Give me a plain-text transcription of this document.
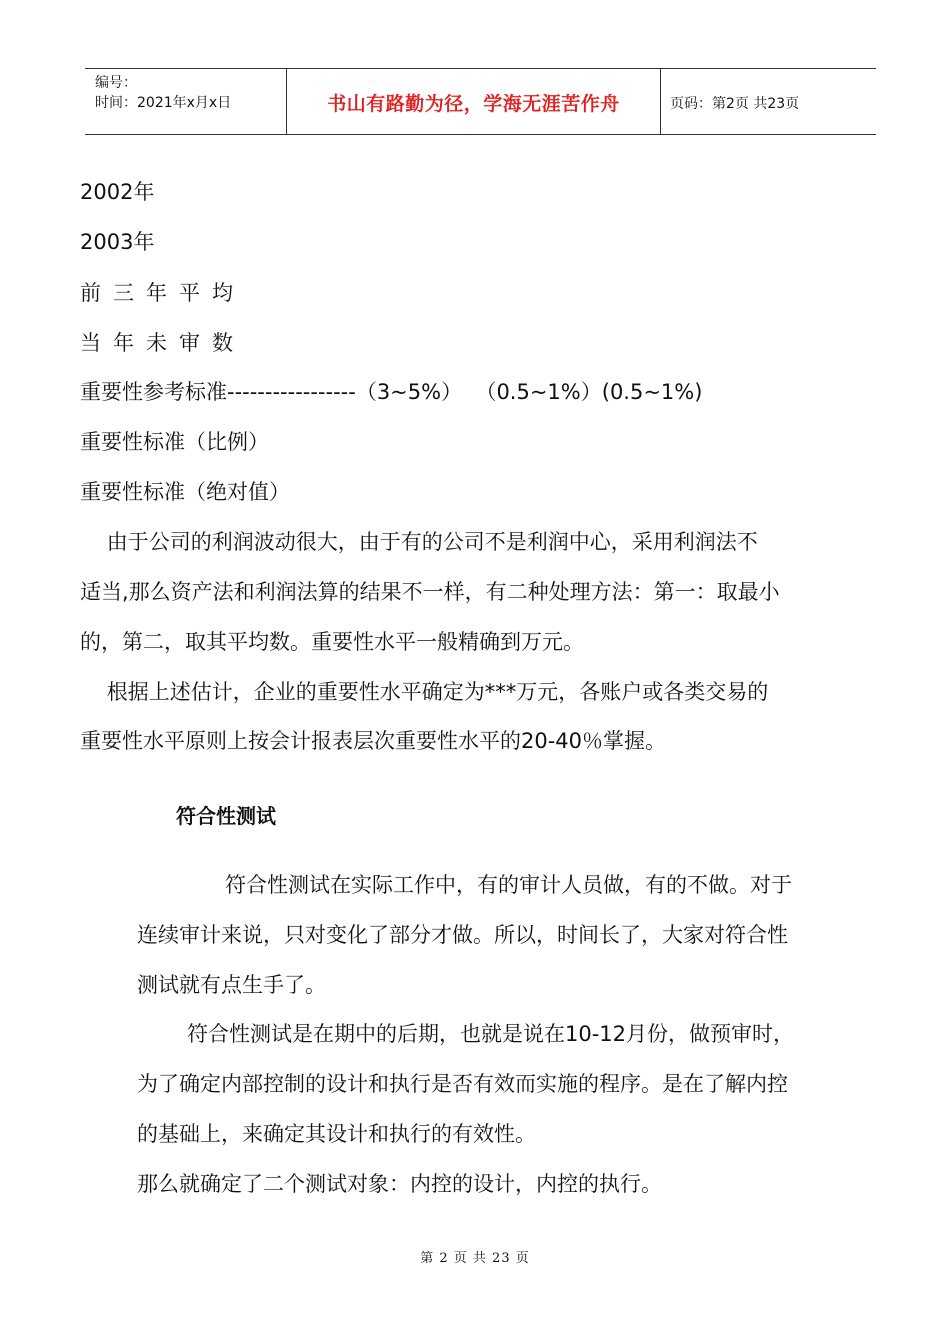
编号：
时间：2021年x月x日	书山有路勤为径，学海无涯苦作舟	页码：第2页 共23页
2002年
2003年
前三年平均
当年未审数
重要性参考标准-----------------（3~5%）  （0.5~1%）(0.5~1%)
重要性标准（比例）
重要性标准（绝对值）
由于公司的利润波动很大，由于有的公司不是利润中心，采用利润法不
适当,那么资产法和利润法算的结果不一样，有二种处理方法：第一：取最小
的，第二，取其平均数。重要性水平一般精确到万元。
根据上述估计，企业的重要性水平确定为***万元，各账户或各类交易的
重要性水平原则上按会计报表层次重要性水平的20-40％掌握。
符合性测试
符合性测试在实际工作中，有的审计人员做，有的不做。对于
连续审计来说，只对变化了部分才做。所以，时间长了，大家对符合性
测试就有点生手了。
符合性测试是在期中的后期，也就是说在10-12月份，做预审时，
为了确定内部控制的设计和执行是否有效而实施的程序。是在了解内控
的基础上，来确定其设计和执行的有效性。
那么就确定了二个测试对象：内控的设计，内控的执行。
第 2 页 共 23 页
